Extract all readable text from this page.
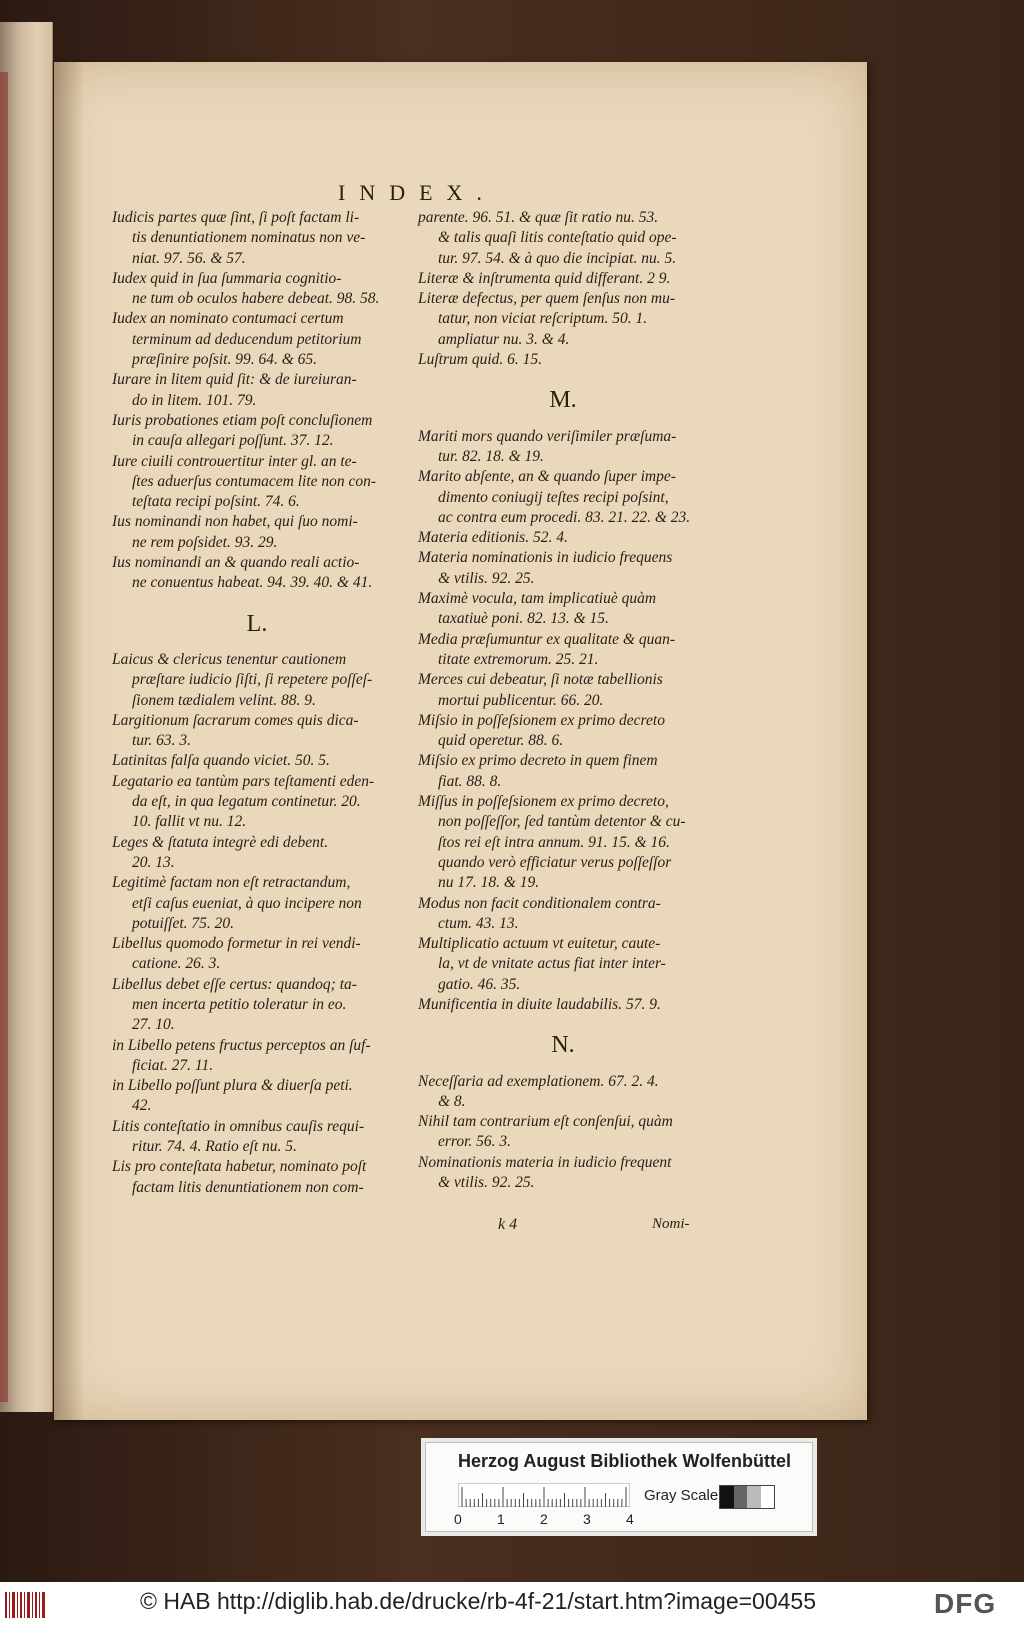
INDEX.
Iudicis partes quæ ſint, ſi poſt factam li-
tis denuntiationem nominatus non ve-
niat. 97. 56. & 57.
Iudex quid in ſua ſummaria cognitio-
ne tum ob oculos habere debeat. 98. 58.
Iudex an nominato contumaci certum
terminum ad deducendum petitorium
præſinire poſsit. 99. 64. & 65.
Iurare in litem quid ſit: & de iureiuran-
do in litem. 101. 79.
Iuris probationes etiam poſt concluſionem
in cauſa allegari poſſunt. 37. 12.
Iure ciuili controuertitur inter gl. an te-
ſtes aduerſus contumacem lite non con-
teſtata recipi poſsint. 74. 6.
Ius nominandi non habet, qui ſuo nomi-
ne rem poſsidet. 93. 29.
Ius nominandi an & quando reali actio-
ne conuentus habeat. 94. 39. 40. & 41.
L.
Laicus & clericus tenentur cautionem
præſtare iudicio ſiſti, ſi repetere poſſeſ-
ſionem tædialem velint. 88. 9.
Largitionum ſacrarum comes quis dica-
tur. 63. 3.
Latinitas falſa quando viciet. 50. 5.
Legatario ea tantùm pars teſtamenti eden-
da eſt, in qua legatum continetur. 20.
10. fallit vt nu. 12.
Leges & ſtatuta integrè edi debent.
20. 13.
Legitimè factam non eſt retractandum,
etſi caſus eueniat, à quo incipere non
potuiſſet. 75. 20.
Libellus quomodo formetur in rei vendi-
catione. 26. 3.
Libellus debet eſſe certus: quandoq; ta-
men incerta petitio toleratur in eo.
27. 10.
in Libello petens fructus perceptos an ſuf-
ficiat. 27. 11.
in Libello poſſunt plura & diuerſa peti.
42.
Litis conteſtatio in omnibus cauſis requi-
ritur. 74. 4. Ratio eſt nu. 5.
Lis pro conteſtata habetur, nominato poſt
factam litis denuntiationem non com-
parente. 96. 51. & quæ ſit ratio nu. 53.
& talis quaſi litis conteſtatio quid ope-
tur. 97. 54. & à quo die incipiat. nu. 5.
Literæ & inſtrumenta quid differant. 2 9.
Literæ defectus, per quem ſenſus non mu-
tatur, non viciat reſcriptum. 50. 1.
ampliatur nu. 3. & 4.
Luſtrum quid. 6. 15.
M.
Mariti mors quando veriſimiler præſuma-
tur. 82. 18. & 19.
Marito abſente, an & quando ſuper impe-
dimento coniugij teſtes recipi poſsint,
ac contra eum procedi. 83. 21. 22. & 23.
Materia editionis. 52. 4.
Materia nominationis in iudicio frequens
& vtilis. 92. 25.
Maximè vocula, tam implicatiuè quàm
taxatiuè poni. 82. 13. & 15.
Media præſumuntur ex qualitate & quan-
titate extremorum. 25. 21.
Merces cui debeatur, ſi notæ tabellionis
mortui publicentur. 66. 20.
Miſsio in poſſeſsionem ex primo decreto
quid operetur. 88. 6.
Miſsio ex primo decreto in quem finem
fiat. 88. 8.
Miſſus in poſſeſsionem ex primo decreto,
non poſſeſſor, ſed tantùm detentor & cu-
ſtos rei eſt intra annum. 91. 15. & 16.
quando verò efficiatur verus poſſeſſor
nu 17. 18. & 19.
Modus non facit conditionalem contra-
ctum. 43. 13.
Multiplicatio actuum vt euitetur, caute-
la, vt de vnitate actus fiat inter inter-
gatio. 46. 35.
Munificentia in diuite laudabilis. 57. 9.
N.
Neceſſaria ad exemplationem. 67. 2. 4.
& 8.
Nihil tam contrarium eſt conſenſui, quàm
error. 56. 3.
Nominationis materia in iudicio frequent
& vtilis. 92. 25.
k 4	Nomi-
Herzog August Bibliothek Wolfenbüttel
0	1	2	3	4
Gray Scale
© HAB http://diglib.hab.de/drucke/rb-4f-21/start.htm?image=00455	DFG
